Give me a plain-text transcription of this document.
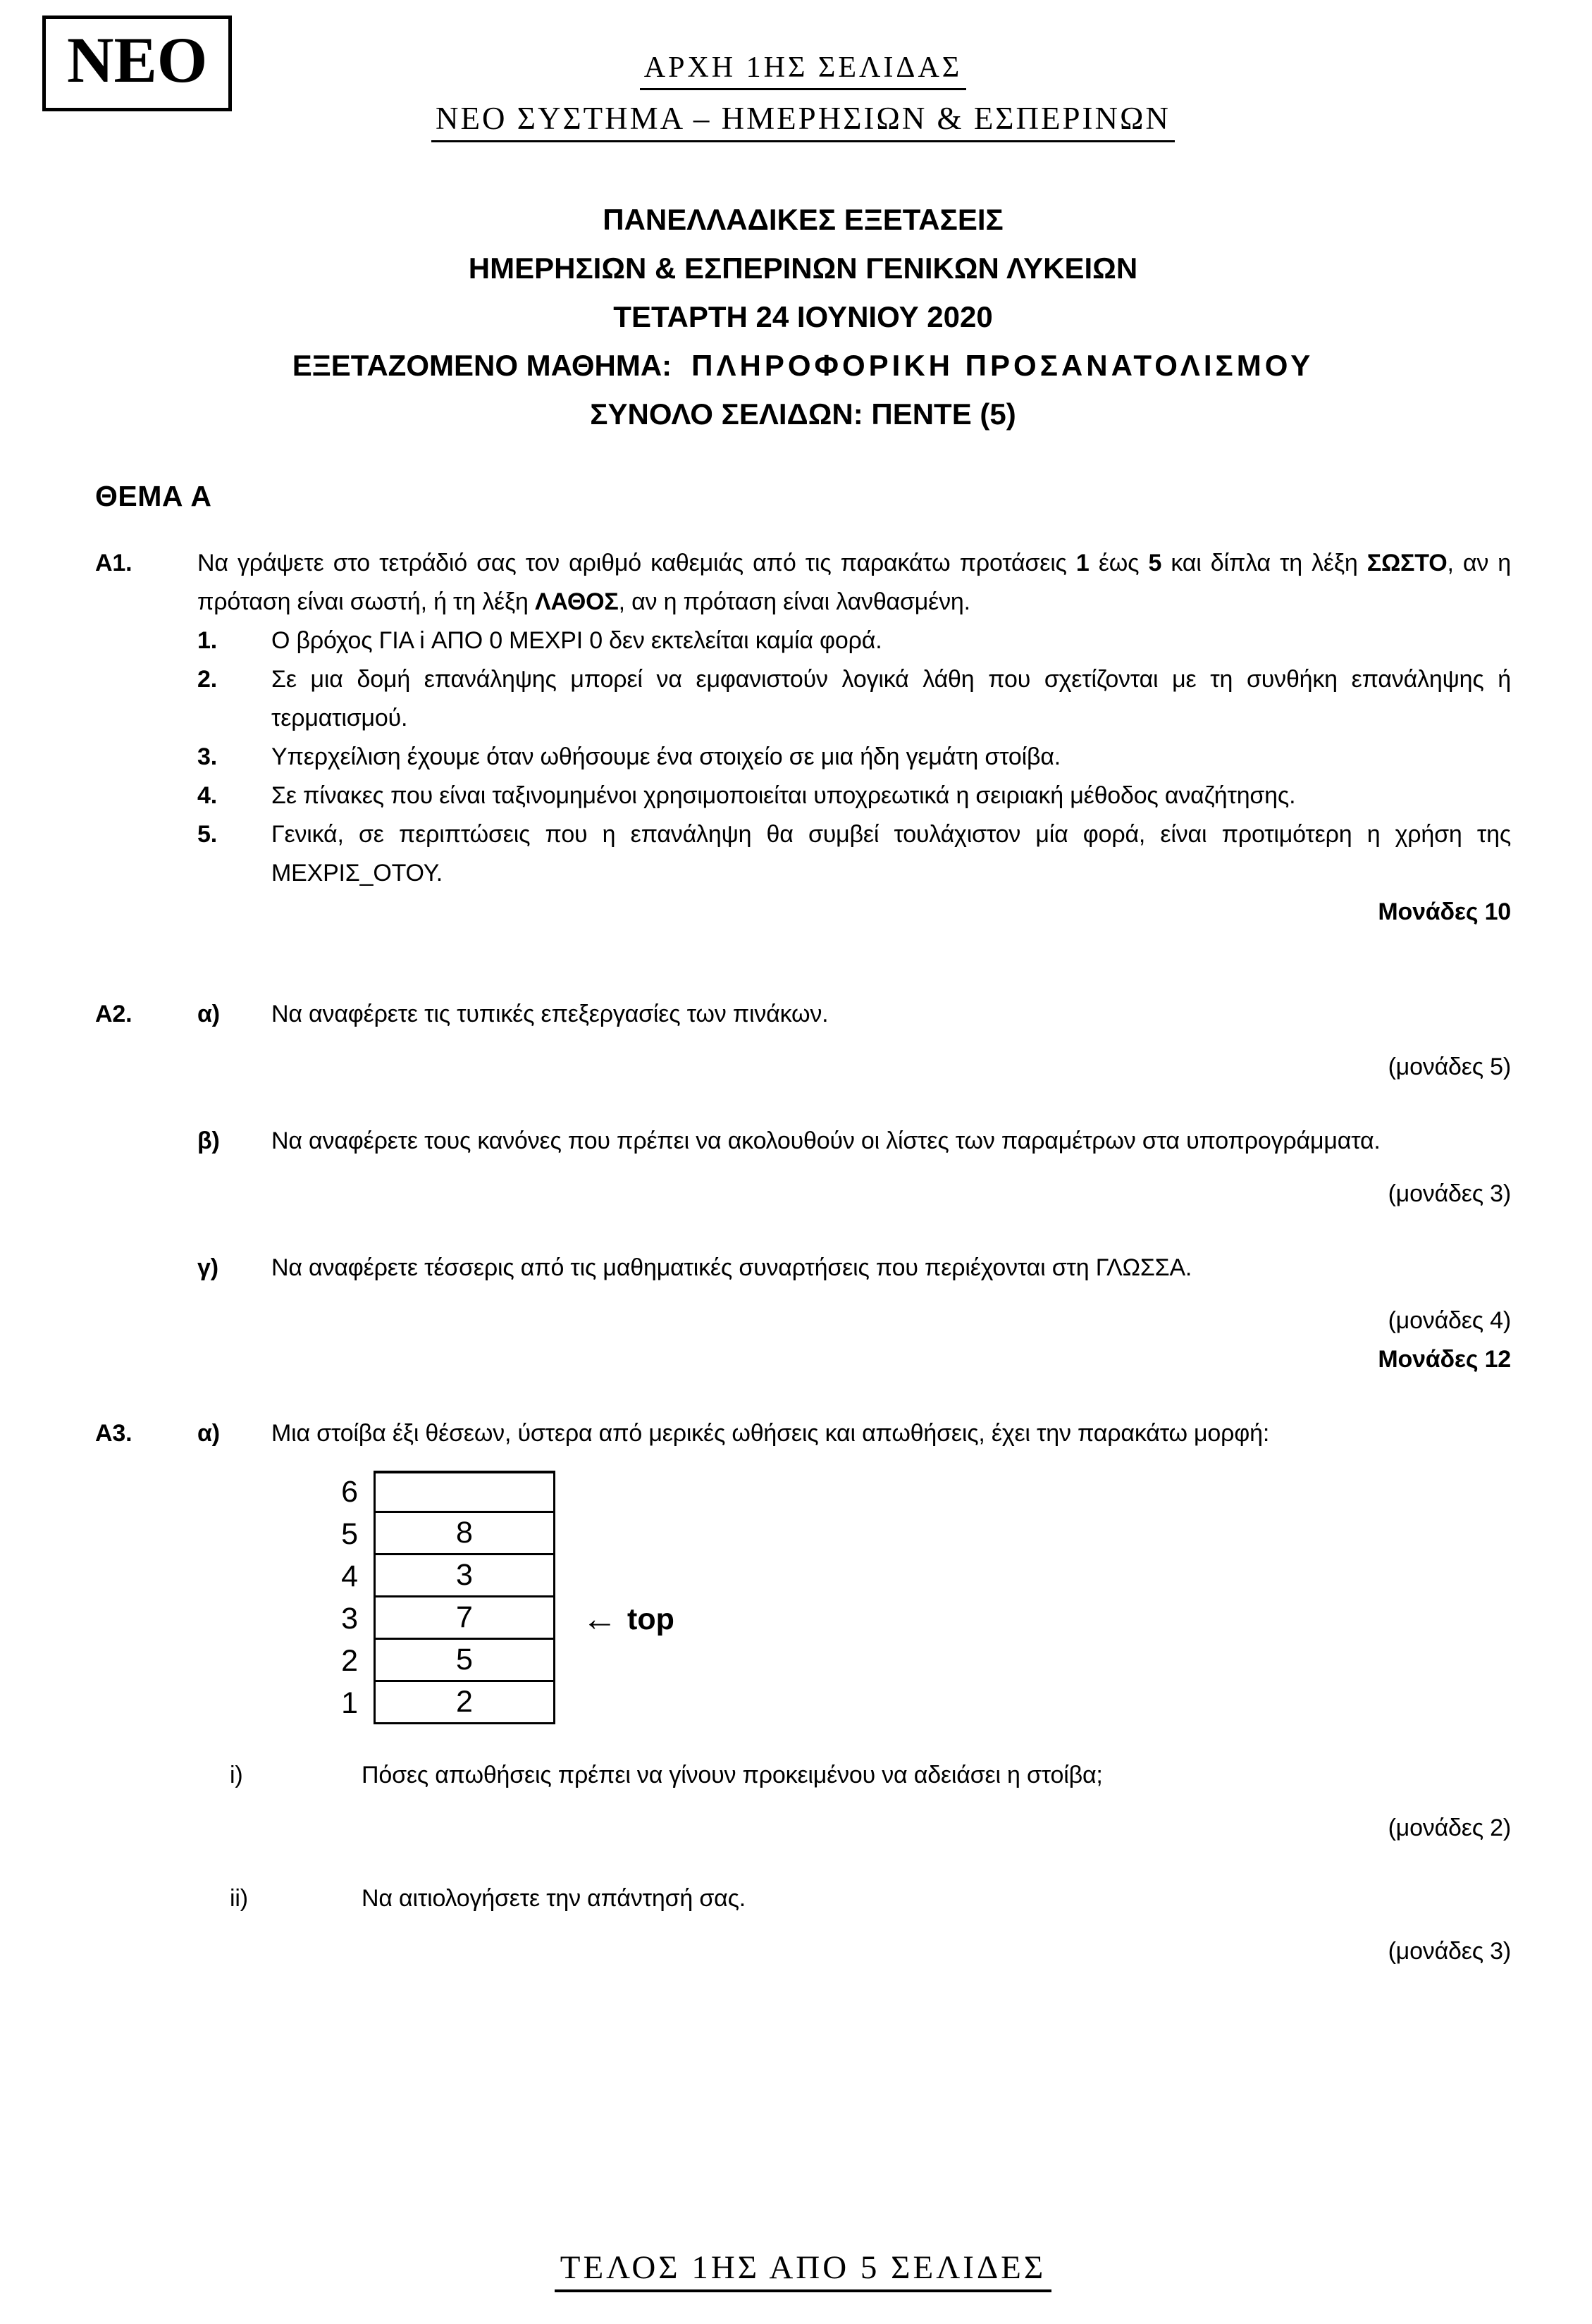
ΝΕΟ	ΑΡΧΗ 1ΗΣ ΣΕΛΙΔΑΣ
ΝΕΟ ΣΥΣΤΗΜΑ – ΗΜΕΡΗΣΙΩΝ & ΕΣΠΕΡΙΝΩΝ
ΠΑΝΕΛΛΑΔΙΚΕΣ ΕΞΕΤΑΣΕΙΣ
ΗΜΕΡΗΣΙΩΝ & ΕΣΠΕΡΙΝΩΝ ΓΕΝΙΚΩΝ ΛΥΚΕΙΩΝ
ΤΕΤΑΡΤΗ 24 ΙΟΥΝΙΟΥ 2020
ΕΞΕΤΑΖΟΜΕΝΟ ΜΑΘΗΜΑ: ΠΛΗΡΟΦΟΡΙΚΗ ΠΡΟΣΑΝΑΤΟΛΙΣΜΟΥ
ΣΥΝΟΛΟ ΣΕΛΙΔΩΝ: ΠΕΝΤΕ (5)
ΘΕΜΑ Α
Α1.	Να γράψετε στο τετράδιό σας τον αριθμό καθεμιάς από τις παρακάτω προτάσεις 1 έως 5 και δίπλα τη λέξη ΣΩΣΤΟ, αν η πρόταση είναι σωστή, ή τη λέξη ΛΑΘΟΣ, αν η πρόταση είναι λανθασμένη.
1.	Ο βρόχος ΓΙΑ i ΑΠΟ 0 ΜΕΧΡΙ 0 δεν εκτελείται καμία φορά.
2.	Σε μια δομή επανάληψης μπορεί να εμφανιστούν λογικά λάθη που σχετίζονται με τη συνθήκη επανάληψης ή τερματισμού.
3.	Υπερχείλιση έχουμε όταν ωθήσουμε ένα στοιχείο σε μια ήδη γεμάτη στοίβα.
4.	Σε πίνακες που είναι ταξινομημένοι χρησιμοποιείται υποχρεωτικά η σειριακή μέθοδος αναζήτησης.
5.	Γενικά, σε περιπτώσεις που η επανάληψη θα συμβεί τουλάχιστον μία φορά, είναι προτιμότερη η χρήση της ΜΕΧΡΙΣ_ΟΤΟΥ.
Μονάδες 10
Α2.	α)	Να αναφέρετε τις τυπικές επεξεργασίες των πινάκων.
(μονάδες 5)
β)	Να αναφέρετε τους κανόνες που πρέπει να ακολουθούν οι λίστες των παραμέτρων στα υποπρογράμματα.
(μονάδες 3)
γ)	Να αναφέρετε τέσσερις από τις μαθηματικές συναρτήσεις που περιέχονται στη ΓΛΩΣΣΑ.
(μονάδες 4)
Μονάδες 12
Α3.	α)	Μια στοίβα έξι θέσεων, ύστερα από μερικές ωθήσεις και απωθήσεις, έχει την παρακάτω μορφή:
6
5	8
4	3
3	7	← top
2	5
1	2
i)	Πόσες απωθήσεις πρέπει να γίνουν προκειμένου να αδειάσει η στοίβα;
(μονάδες 2)
ii)	Να αιτιολογήσετε την απάντησή σας.
(μονάδες 3)
ΤΕΛΟΣ 1ΗΣ ΑΠΟ 5 ΣΕΛΙΔΕΣ
